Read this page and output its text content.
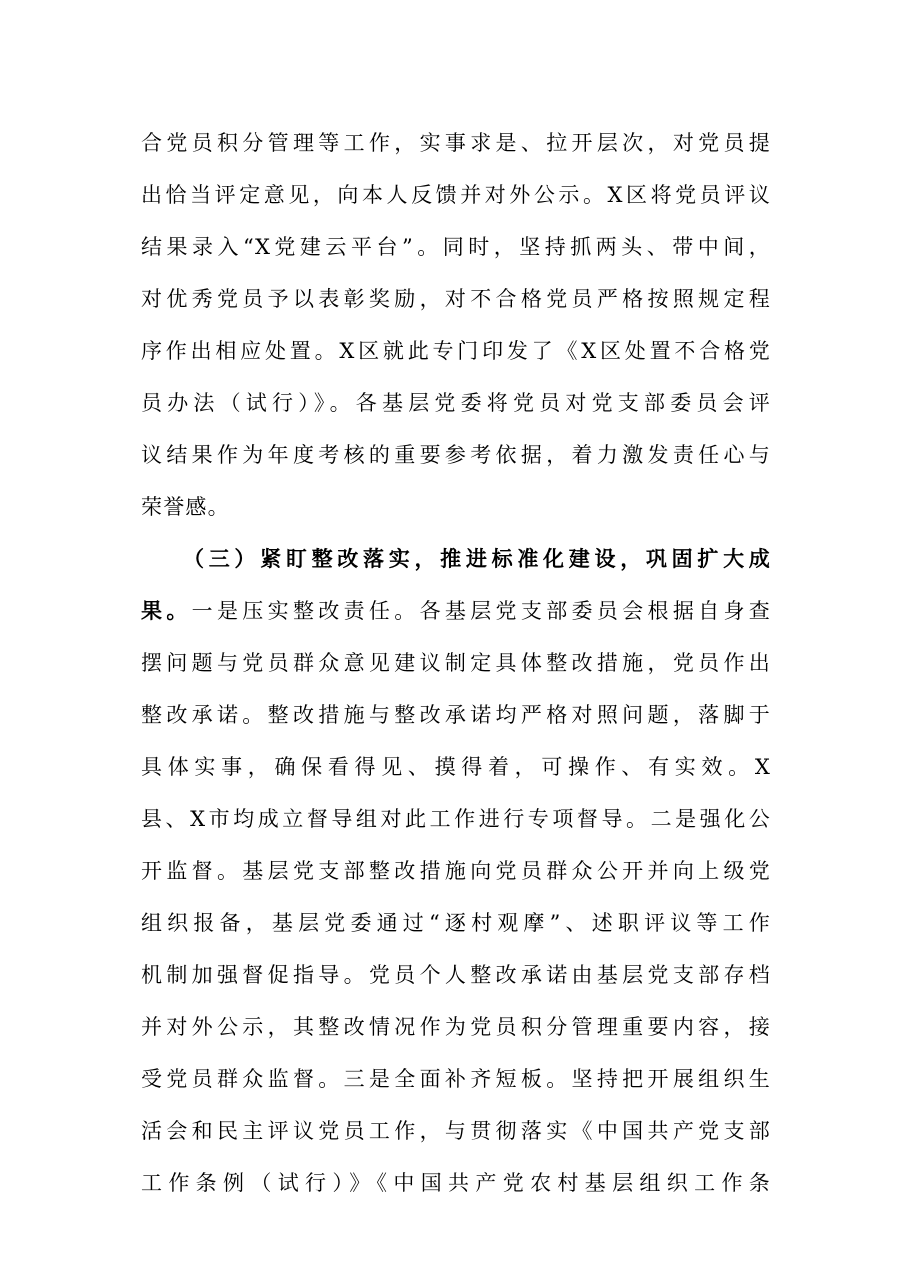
合党员积分管理等工作，实事求是、拉开层次，对党员提
出恰当评定意见，向本人反馈并对外公示。X区将党员评议
结果录入“X党建云平台”。同时，坚持抓两头、带中间，
对优秀党员予以表彰奖励，对不合格党员严格按照规定程
序作出相应处置。X区就此专门印发了《X区处置不合格党
员办法（试行）》。各基层党委将党员对党支部委员会评
议结果作为年度考核的重要参考依据，着力激发责任心与
荣誉感。
（三）紧盯整改落实，推进标准化建设，巩固扩大成
果。一是压实整改责任。各基层党支部委员会根据自身查
摆问题与党员群众意见建议制定具体整改措施，党员作出
整改承诺。整改措施与整改承诺均严格对照问题，落脚于
具体实事，确保看得见、摸得着，可操作、有实效。X
县、X市均成立督导组对此工作进行专项督导。二是强化公
开监督。基层党支部整改措施向党员群众公开并向上级党
组织报备，基层党委通过“逐村观摩”、述职评议等工作
机制加强督促指导。党员个人整改承诺由基层党支部存档
并对外公示，其整改情况作为党员积分管理重要内容，接
受党员群众监督。三是全面补齐短板。坚持把开展组织生
活会和民主评议党员工作，与贯彻落实《中国共产党支部
工作条例（试行）》《中国共产党农村基层组织工作条
